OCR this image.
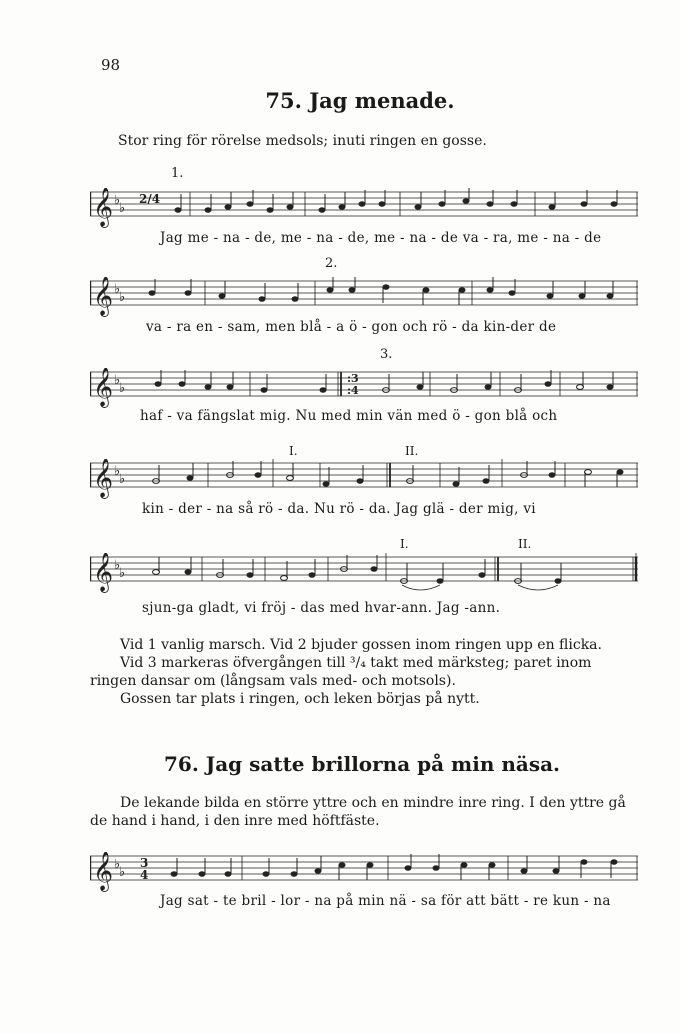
98
75. Jag menade.
Stor ring för rörelse medsols; inuti ringen en gosse.
1.
𝄞 ♭
♭
2/4
Jag me - na - de, me - na - de, me - na - de va - ra, me - na - de
2.
𝄞 ♭
♭
va - ra en - sam, men blå - a ö - gon och rö - da kin-der de
3.
𝄞 ♭
♭
:3
:4
haf - va fängslat mig. Nu med min vän med ö - gon blå och
I.	II.
𝄞 ♭
♭
kin - der - na så rö - da. Nu rö - da. Jag glä - der mig, vi
I.	II.
𝄞 ♭
♭
sjun-ga gladt, vi fröj - das med hvar-ann. Jag -ann.
Vid 1 vanlig marsch. Vid 2 bjuder gossen inom ringen upp en flicka.
Vid 3 markeras öfvergången till ³/₄ takt med märksteg; paret inom ringen dansar om (långsam vals med- och motsols).
Gossen tar plats i ringen, och leken börjas på nytt.
76. Jag satte brillorna på min näsa.
De lekande bilda en större yttre och en mindre inre ring. I den yttre gå de hand i hand, i den inre med höftfäste.
𝄞 ♭
♭
3
4
Jag sat - te bril - lor - na på min nä - sa för att bätt - re kun - na
